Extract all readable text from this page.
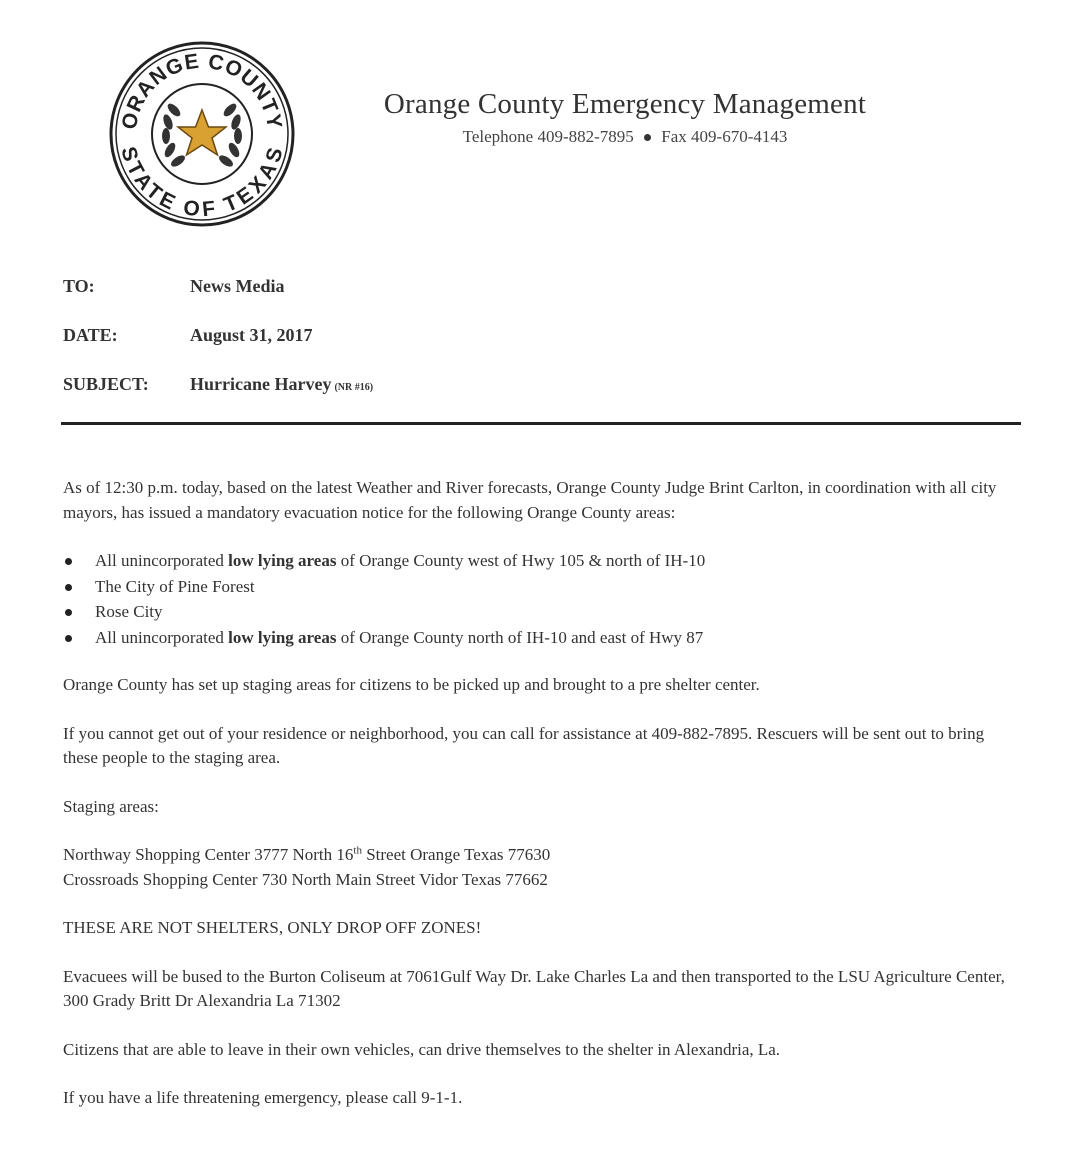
ORANGE COUNTY
STATE OF TEXAS
Orange County Emergency Management
Telephone 409-882-7895 Fax 409-670-4143
TO:	News Media
DATE:	August 31, 2017
SUBJECT:	Hurricane Harvey (NR #16)

As of 12:30 p.m. today, based on the latest Weather and River forecasts, Orange County Judge Brint Carlton, in coordination with all city mayors, has issued a mandatory evacuation notice for the following Orange County areas:

All unincorporated low lying areas of Orange County west of Hwy 105 & north of IH-10
The City of Pine Forest
Rose City
All unincorporated low lying areas of Orange County north of IH-10 and east of Hwy 87

Orange County has set up staging areas for citizens to be picked up and brought to a pre shelter center.

If you cannot get out of your residence or neighborhood, you can call for assistance at 409-882-7895. Rescuers will be sent out to bring these people to the staging area.

Staging areas:

Northway Shopping Center 3777 North 16th Street Orange Texas 77630

Crossroads Shopping Center 730 North Main Street Vidor Texas 77662

THESE ARE NOT SHELTERS, ONLY DROP OFF ZONES!

Evacuees will be bused to the Burton Coliseum at 7061Gulf Way Dr. Lake Charles La and then transported to the LSU Agriculture Center, 300 Grady Britt Dr Alexandria La 71302

Citizens that are able to leave in their own vehicles, can drive themselves to the shelter in Alexandria, La.

If you have a life threatening emergency, please call 9-1-1.
